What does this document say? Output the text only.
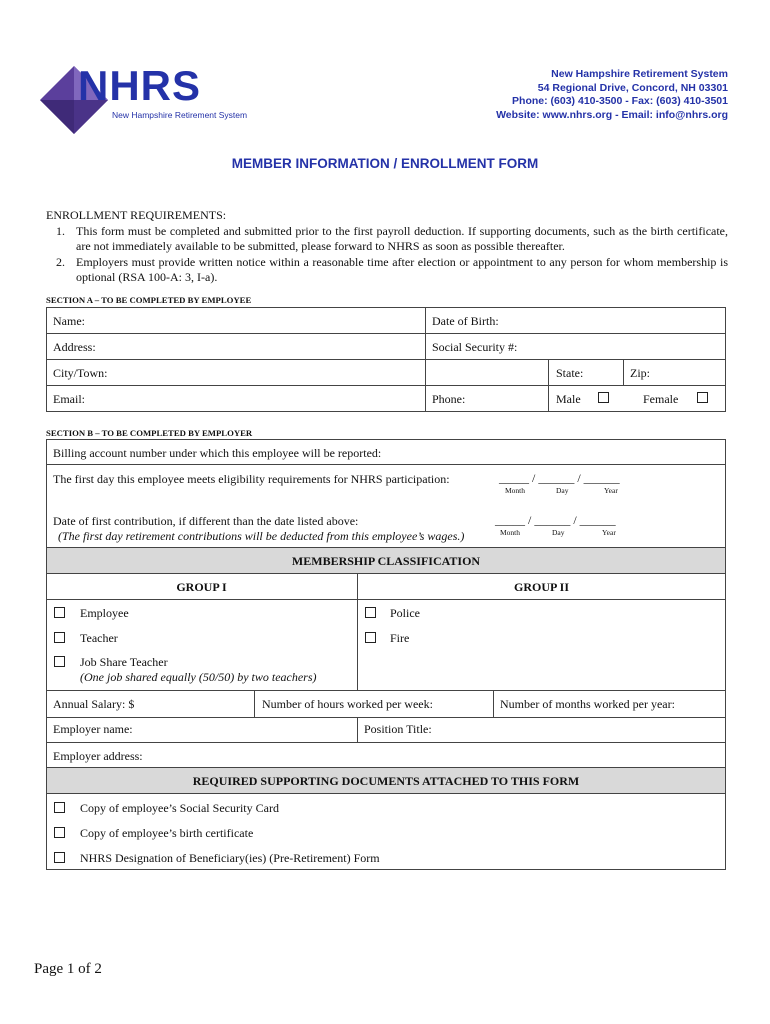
NHRS
New Hampshire Retirement System
New Hampshire Retirement System
54 Regional Drive, Concord, NH 03301
Phone: (603) 410-3500 - Fax: (603) 410-3501
Website: www.nhrs.org - Email: info@nhrs.org
MEMBER INFORMATION / ENROLLMENT FORM
ENROLLMENT REQUIREMENTS:
1. This form must be completed and submitted prior to the first payroll deduction. If supporting documents, such as the birth certificate, are not immediately available to be submitted, please forward to NHRS as soon as possible thereafter.
2. Employers must provide written notice within a reasonable time after election or appointment to any person for whom membership is optional (RSA 100-A: 3, I-a).
SECTION A – TO BE COMPLETED BY EMPLOYEE
Name:	Date of Birth:
Address:	Social Security #:
City/Town:	State:	Zip:
Email:	Phone:	Male	Female
SECTION B – TO BE COMPLETED BY EMPLOYER
Billing account number under which this employee will be reported:
The first day this employee meets eligibility requirements for NHRS participation:	_____ / ______ / ______
Month	Day	Year
Date of first contribution, if different than the date listed above:
(The first day retirement contributions will be deducted from this employee’s wages.)
_____ / ______ / ______
Month	Day	Year
MEMBERSHIP CLASSIFICATION
GROUP I	GROUP II
Employee	Police
Teacher	Fire
Job Share Teacher
(One job shared equally (50/50) by two teachers)
Annual Salary: $	Number of hours worked per week:	Number of months worked per year:
Employer name:	Position Title:
Employer address:
REQUIRED SUPPORTING DOCUMENTS ATTACHED TO THIS FORM
Copy of employee’s Social Security Card
Copy of employee’s birth certificate
NHRS Designation of Beneficiary(ies) (Pre-Retirement) Form
Page 1 of 2
